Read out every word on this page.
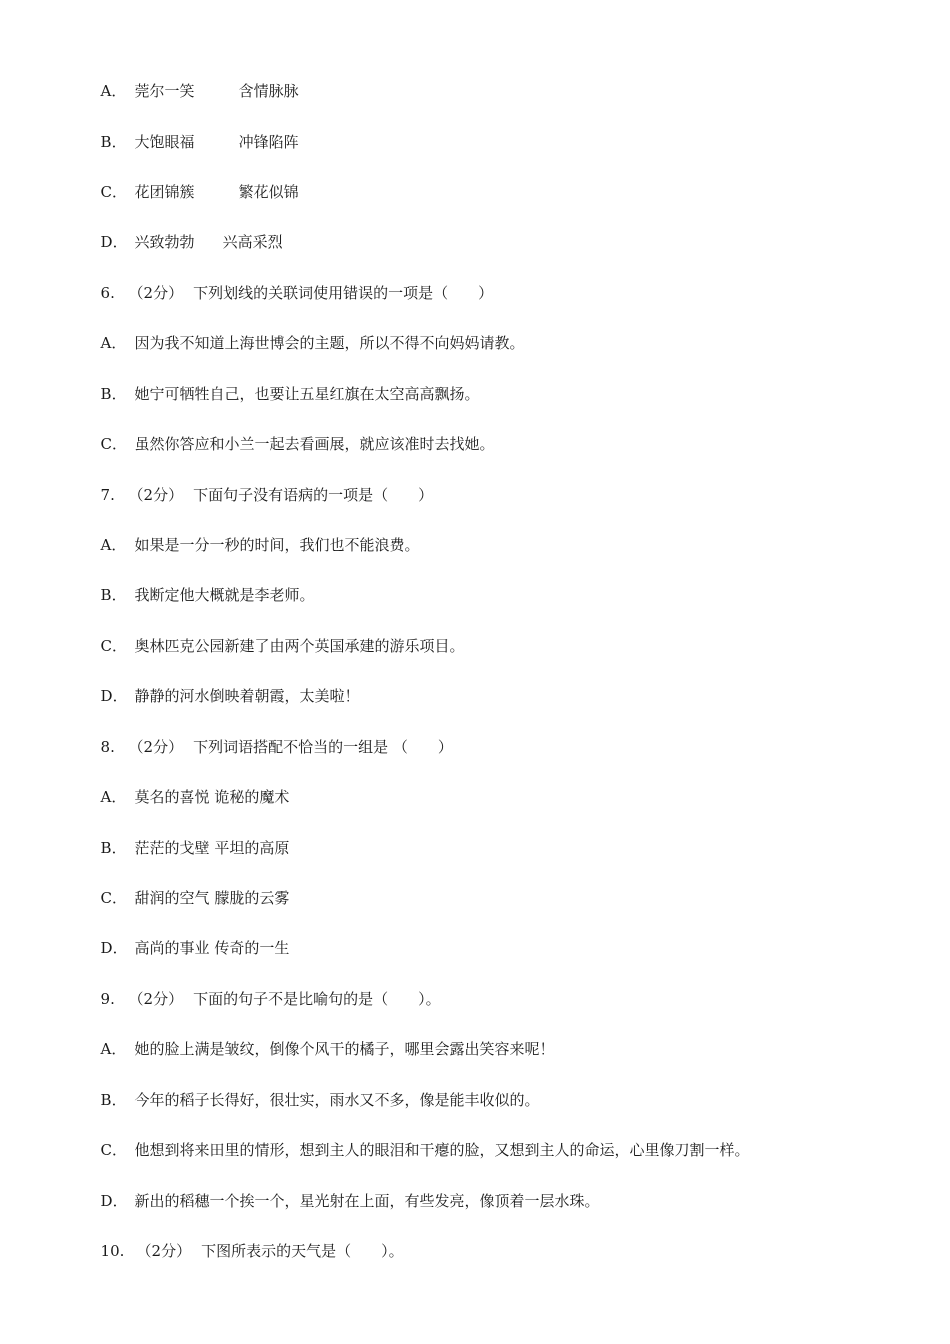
A． 莞尔一笑	含情脉脉

B． 大饱眼福	冲锋陷阵

C． 花团锦簇	繁花似锦

D． 兴致勃勃 兴高采烈

6. （2分） 下列划线的关联词使用错误的一项是（　　）

A． 因为我不知道上海世博会的主题，所以不得不向妈妈请教。

B． 她宁可牺牲自己，也要让五星红旗在太空高高飘扬。

C． 虽然你答应和小兰一起去看画展，就应该准时去找她。

7. （2分） 下面句子没有语病的一项是（　　）

A． 如果是一分一秒的时间，我们也不能浪费。

B． 我断定他大概就是李老师。

C． 奥林匹克公园新建了由两个英国承建的游乐项目。

D． 静静的河水倒映着朝霞，太美啦！

8. （2分） 下列词语搭配不恰当的一组是 （　　）

A． 莫名的喜悦 诡秘的魔术

B． 茫茫的戈壁 平坦的高原

C． 甜润的空气 朦胧的云雾

D． 高尚的事业 传奇的一生

9. （2分） 下面的句子不是比喻句的是（　　）。

A． 她的脸上满是皱纹，倒像个风干的橘子，哪里会露出笑容来呢！

B． 今年的稻子长得好，很壮实，雨水又不多，像是能丰收似的。

C． 他想到将来田里的情形，想到主人的眼泪和干瘪的脸，又想到主人的命运，心里像刀割一样。

D． 新出的稻穗一个挨一个，星光射在上面，有些发亮，像顶着一层水珠。

10. （2分） 下图所表示的天气是（　　）。
